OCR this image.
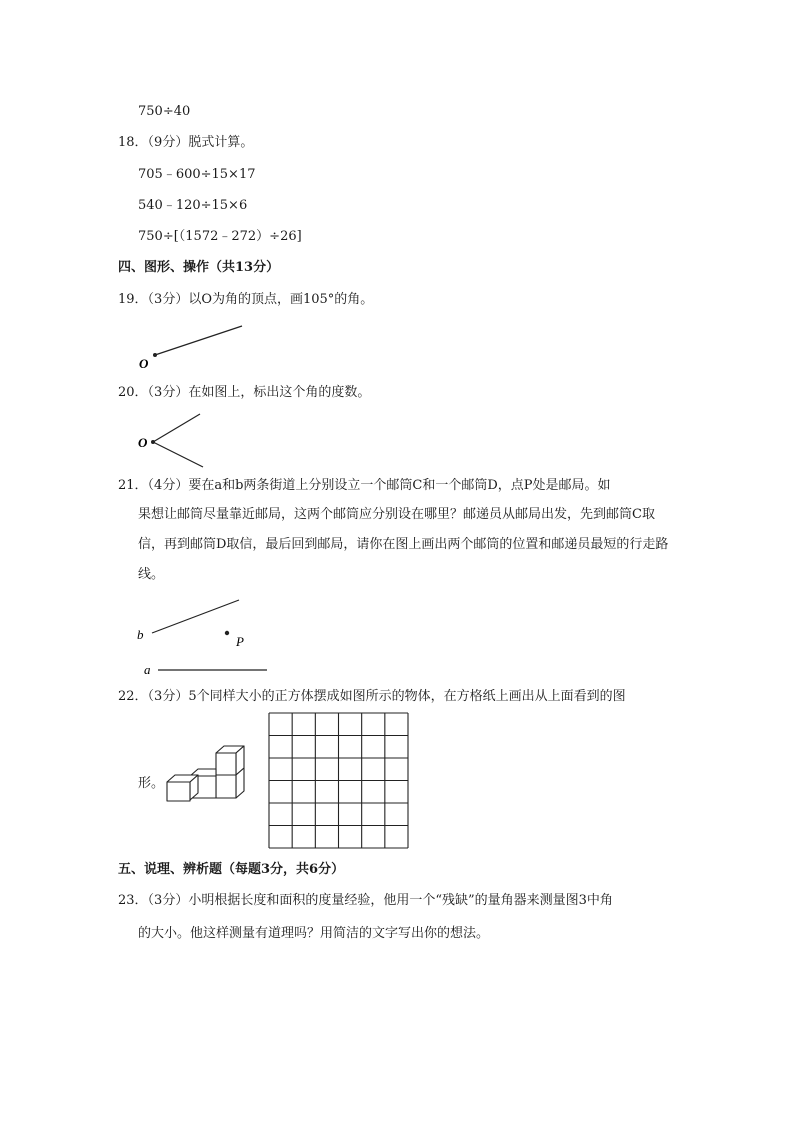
750÷40
18．（9分）脱式计算。
705﹣600÷15×17
540﹣120÷15×6
750÷[（1572﹣272）÷26]
四、图形、操作（共13分）
19．（3分）以O为角的顶点，画105°的角。
O
20．（3分）在如图上，标出这个角的度数。
O
21．（4分）要在a和b两条街道上分别设立一个邮筒C和一个邮筒D，点P处是邮局。如
果想让邮筒尽量靠近邮局，这两个邮筒应分别设在哪里？邮递员从邮局出发，先到邮筒C取信，再到邮筒D取信，最后回到邮局，请你在图上画出两个邮筒的位置和邮递员最短的行走路线。
b	P
a
22．（3分）5个同样大小的正方体摆成如图所示的物体，在方格纸上画出从上面看到的图
形。
五、说理、辨析题（每题3分，共6分）
23．（3分）小明根据长度和面积的度量经验，他用一个“残缺”的量角器来测量图3中角
的大小。他这样测量有道理吗？用简洁的文字写出你的想法。
